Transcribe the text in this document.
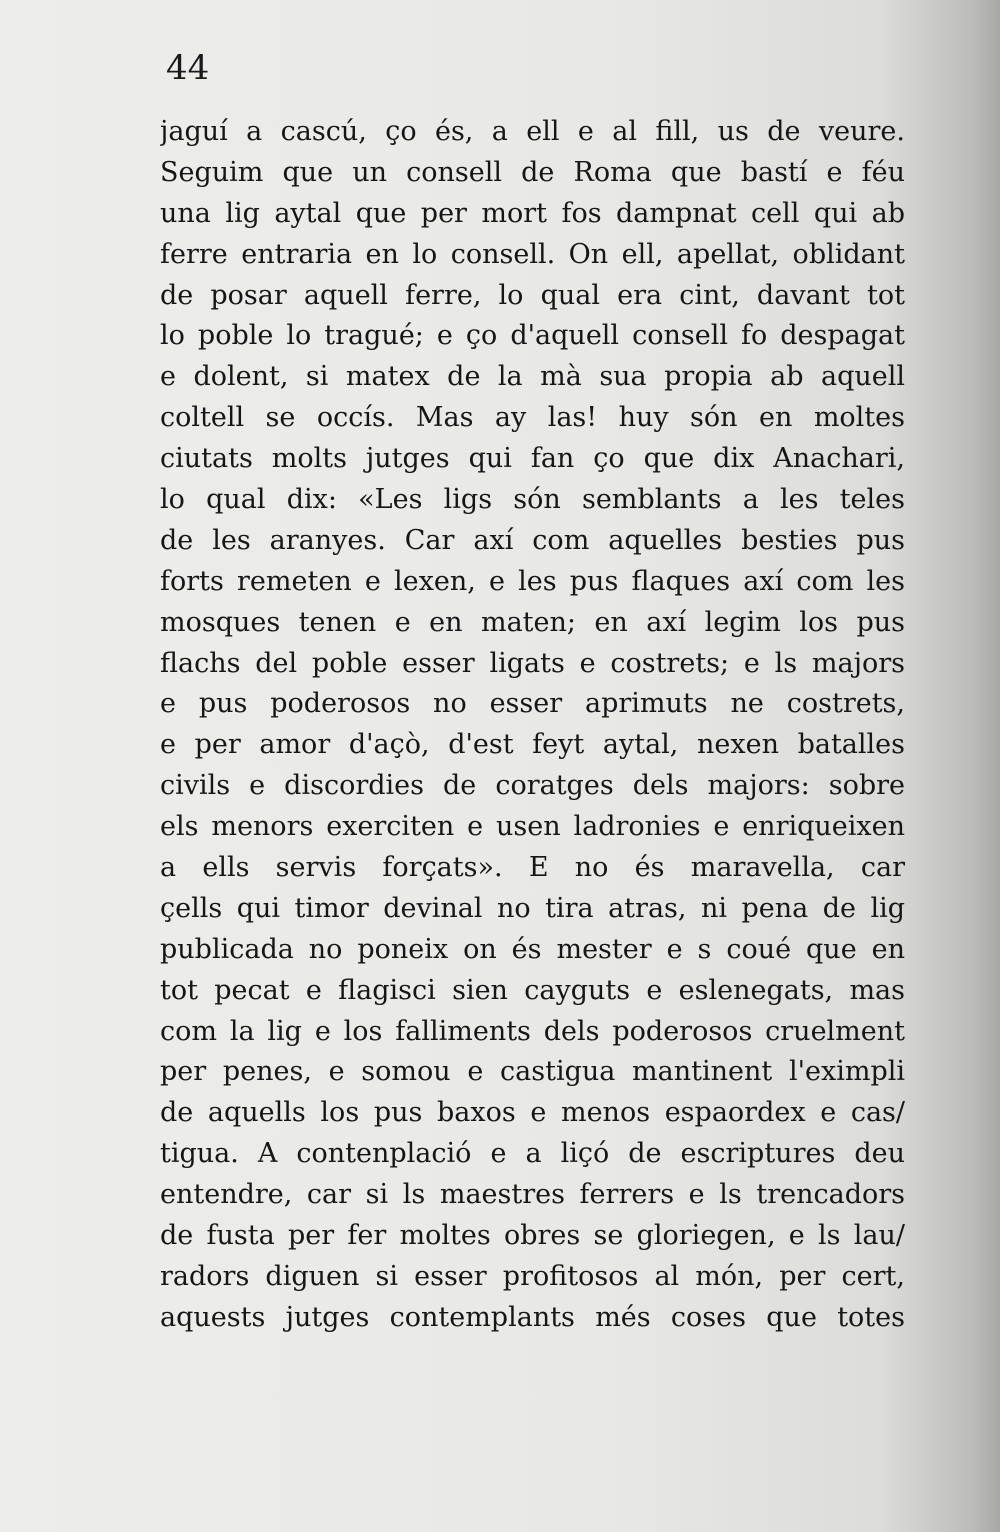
44

jaguí a cascú, ço és, a ell e al fill, us de veure.
Seguim que un consell de Roma que bastí e féu
una lig aytal que per mort fos dampnat cell qui ab
ferre entraria en lo consell. On ell, apellat, oblidant
de posar aquell ferre, lo qual era cint, davant tot
lo poble lo tragué; e ço d'aquell consell fo despagat
e dolent, si matex de la mà sua propia ab aquell
coltell se occís. Mas ay las! huy són en moltes
ciutats molts jutges qui fan ço que dix Anachari,
lo qual dix: «Les ligs són semblants a les teles
de les aranyes. Car axí com aquelles besties pus
forts remeten e lexen, e les pus flaques axí com les
mosques tenen e en maten; en axí legim los pus
flachs del poble esser ligats e costrets; e ls majors
e pus poderosos no esser aprimuts ne costrets,
e per amor d'açò, d'est feyt aytal, nexen batalles
civils e discordies de coratges dels majors: sobre
els menors exerciten e usen ladronies e enriqueixen
a ells servis forçats». E no és maravella, car
çells qui timor devinal no tira atras, ni pena de lig
publicada no poneix on és mester e s coué que en
tot pecat e flagisci sien cayguts e eslenegats, mas
com la lig e los falliments dels poderosos cruelment
per penes, e somou e castigua mantinent l'eximpli
de aquells los pus baxos e menos espaordex e cas/
tigua. A contenplació e a liçó de escriptures deu
entendre, car si ls maestres ferrers e ls trencadors
de fusta per fer moltes obres se gloriegen, e ls lau/
radors diguen si esser profitosos al món, per cert,
aquests jutges contemplants més coses que totes
